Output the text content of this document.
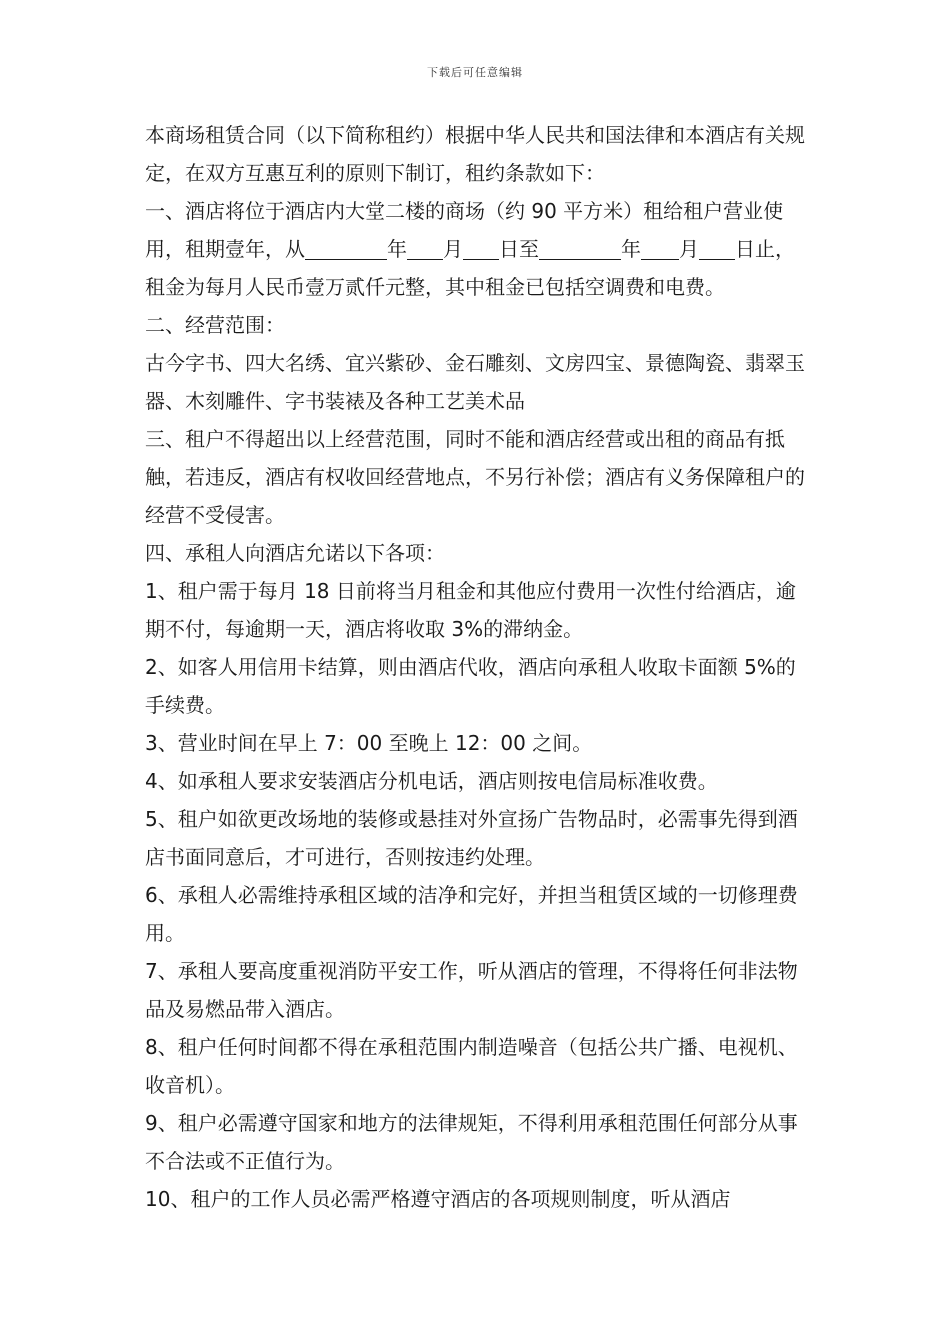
下载后可任意编辑

本商场租赁合同（以下简称租约）根据中华人民共和国法律和本酒店有关规定，在双方互惠互利的原则下制订，租约条款如下：

一、酒店将位于酒店内大堂二楼的商场（约 90 平方米）租给租户营业使用，租期壹年，从	年 月 日至	年 月 日止，租金为每月人民币壹万贰仟元整，其中租金已包括空调费和电费。

二、经营范围：

古今字书、四大名绣、宜兴紫砂、金石雕刻、文房四宝、景德陶瓷、翡翠玉器、木刻雕件、字书装裱及各种工艺美术品

三、租户不得超出以上经营范围，同时不能和酒店经营或出租的商品有抵触，若违反，酒店有权收回经营地点，不另行补偿；酒店有义务保障租户的经营不受侵害。

四、承租人向酒店允诺以下各项：

1、租户需于每月 18 日前将当月租金和其他应付费用一次性付给酒店，逾期不付，每逾期一天，酒店将收取 3%的滞纳金。

2、如客人用信用卡结算，则由酒店代收，酒店向承租人收取卡面额 5%的手续费。

3、营业时间在早上 7：00 至晚上 12：00 之间。

4、如承租人要求安装酒店分机电话，酒店则按电信局标准收费。

5、租户如欲更改场地的装修或悬挂对外宣扬广告物品时，必需事先得到酒店书面同意后，才可进行，否则按违约处理。

6、承租人必需维持承租区域的洁净和完好，并担当租赁区域的一切修理费用。

7、承租人要高度重视消防平安工作，听从酒店的管理，不得将任何非法物品及易燃品带入酒店。

8、租户任何时间都不得在承租范围内制造噪音（包括公共广播、电视机、收音机）。

9、租户必需遵守国家和地方的法律规矩，不得利用承租范围任何部分从事不合法或不正值行为。

10、租户的工作人员必需严格遵守酒店的各项规则制度，听从酒店
